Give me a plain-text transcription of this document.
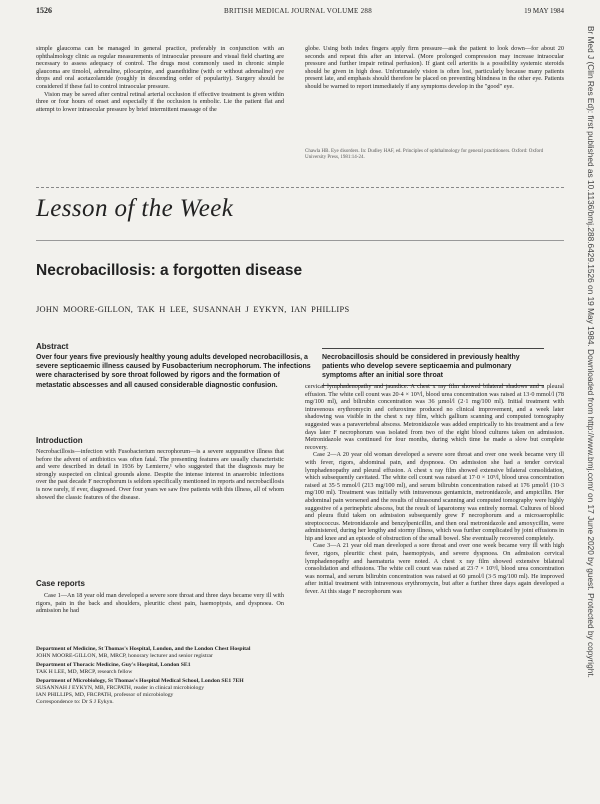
1526	BRITISH MEDICAL JOURNAL VOLUME 288	19 MAY 1984

simple glaucoma can be managed in general practice, preferably in conjunction with an ophthalmology clinic as regular measurements of intraocular pressure and visual field charting are necessary to assess adequacy of control. The drugs most commonly used in chronic simple glaucoma are timolol, adrenaline, pilocarpine, and guanethidine (with or without adrenaline) eye drops and oral acetazolamide (roughly in descending order of popularity). Surgery should be considered if these fail to control intraocular pressure.

Vision may be saved after central retinal arterial occlusion if effective treatment is given within three or four hours of onset and especially if the occlusion is embolic. Lie the patient flat and attempt to lower intraocular pressure by brief intermittent massage of the

globe. Using both index fingers apply firm pressure—ask the patient to look down—for about 20 seconds and repeat this after an interval. (More prolonged compression may increase intraocular pressure and further impair retinal perfusion). If giant cell arteritis is a possibility systemic steroids should be given in high dose. Unfortunately vision is often lost, particularly because many patients present late, and emphasis should therefore be placed on preventing blindness in the other eye. Patients should be warned to report immediately if any symptoms develop in the "good" eye.

Chawla HB. Eye disorders. In: Dudley HAF, ed. Principles of ophthalmology for general practitioners. Oxford: Oxford University Press, 1981:14-24.

Lesson of the Week
Necrobacillosis: a forgotten disease
JOHN MOORE-GILLON, TAK H LEE, SUSANNAH J EYKYN, IAN PHILLIPS
Abstract
Over four years five previously healthy young adults developed necrobacillosis, a severe septicaemic illness caused by Fusobacterium necrophorum. The infections were characterised by sore throat followed by rigors and the formation of metastatic abscesses and all caused considerable diagnostic confusion.
Necrobacillosis should be considered in previously healthy patients who develop severe septicaemia and pulmonary symptoms after an initial sore throat
Introduction

Necrobacillosis—infection with Fusobacterium necrophorum—is a severe suppurative illness that before the advent of antibiotics was often fatal. The presenting features are usually characteristic and were described in detail in 1936 by Lemierre,¹ who suggested that the diagnosis may be strongly suspected on clinical grounds alone. Despite the intense interest in anaerobic infections over the past decade F necrophorum is seldom specifically mentioned in reports and necrobacillosis is now rarely, if ever, diagnosed. Over four years we saw five patients with this illness, all of whom showed the classic features of the disease.

Case reports

Case 1—An 18 year old man developed a severe sore throat and three days became very ill with rigors, pain in the back and shoulders, pleuritic chest pain, haemoptysis, and dyspnoea. On admission he had

Department of Medicine, St Thomas's Hospital, London, and the London Chest Hospital

JOHN MOORE-GILLON, MB, MRCP, honorary lecturer and senior registrar

Department of Thoracic Medicine, Guy's Hospital, London SE1

TAK H LEE, MD, MRCP, research fellow

Department of Microbiology, St Thomas's Hospital Medical School, London SE1 7EH

SUSANNAH J EYKYN, MB, FRCPATH, reader in clinical microbiology
IAN PHILLIPS, MD, FRCPATH, professor of microbiology

Correspondence to: Dr S J Eykyn.

cervical lymphadenopathy and jaundice. A chest x ray film showed bilateral shadows and a pleural effusion. The white cell count was 20·4 × 10⁹/l, blood urea concentration was raised at 13·0 mmol/l (78 mg/100 ml), and bilirubin concentration was 36 µmol/l (2·1 mg/100 ml). Initial treatment with intravenous erythromycin and cefuroxime produced no clinical improvement, and a week later shadowing was visible in the chest x ray film, which gallium scanning and computed tomography suggested was a paravertebral abscess. Metronidazole was added empirically to his treatment and a few days later F necrophorum was isolated from two of the eight blood cultures taken on admission. Metronidazole was continued for four months, during which time he made a slow but complete recovery.

Case 2—A 20 year old woman developed a severe sore throat and over one week became very ill with fever, rigors, abdominal pain, and dyspnoea. On admission she had a tender cervical lymphadenopathy and pleural effusion. A chest x ray film showed extensive bilateral consolidation, which subsequently cavitated. The white cell count was raised at 17·0 × 10⁹/l, blood urea concentration raised at 35·5 mmol/l (213 mg/100 ml), and serum bilirubin concentration raised at 176 µmol/l (10·3 mg/100 ml). Treatment was initially with intravenous gentamicin, metronidazole, and ampicillin. Her abdominal pain worsened and the results of ultrasound scanning and computed tomography were highly suggestive of a perinephric abscess, but the result of laparotomy was entirely normal. Cultures of blood and pleura fluid taken on admission subsequently grew F necrophorum and a microaerophilic streptococcus. Metronidazole and benzylpenicillin, and then oral metronidazole and amoxycillin, were administered, during her lengthy and stormy illness, which was further complicated by joint effusions in hip and knee and an episode of obstruction of the small bowel. She eventually recovered completely.

Case 3—A 21 year old man developed a sore throat and over one week became very ill with high fever, rigors, pleuritic chest pain, haemoptysis, and severe dyspnoea. On admission cervical lymphadenopathy and haematuria were noted. A chest x ray film showed extensive bilateral consolidation and effusions. The white cell count was raised at 23·7 × 10⁹/l, blood urea concentration was normal, and serum bilirubin concentration was raised at 60 µmol/l (3·5 mg/100 ml). He improved after initial treatment with intravenous erythromycin, but after a further three days again developed a fever. At this stage F necrophorum was	Br Med J (Clin Res Ed): first published as 10.1136/bmj.288.6429.1526 on 19 May 1984. Downloaded from http://www.bmj.com/ on 17 June 2020 by guest. Protected by copyright.
